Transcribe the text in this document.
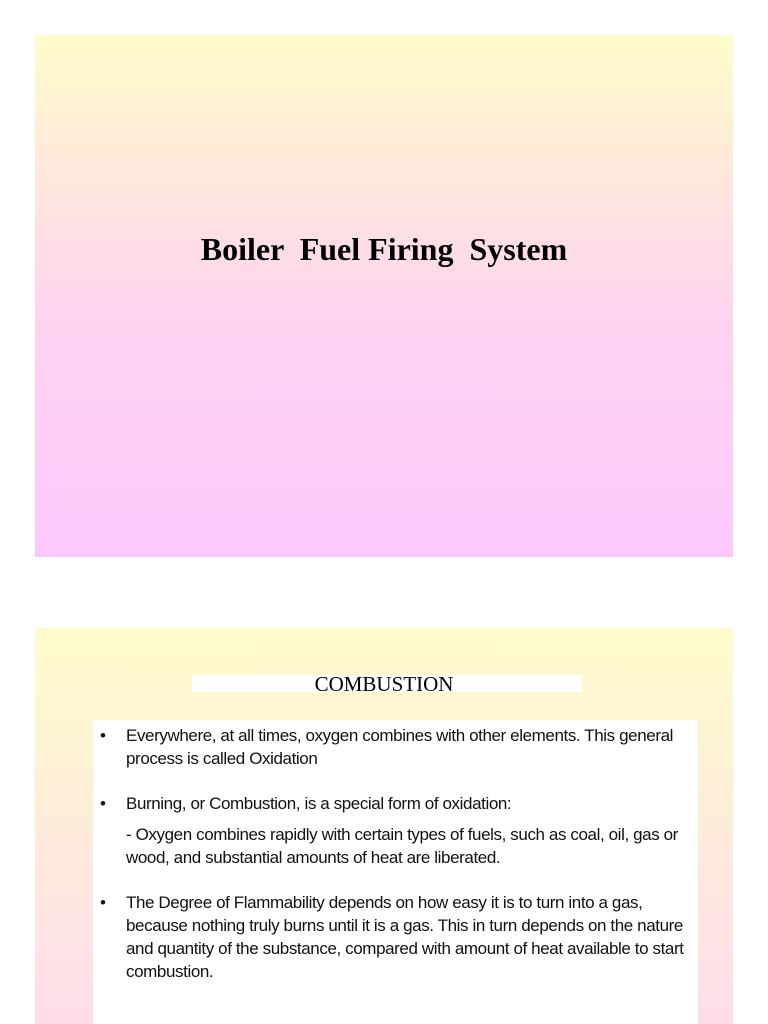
Boiler  Fuel Firing  System
COMBUSTION
• Everywhere, at all times, oxygen combines with other elements. This general process is called Oxidation
• Burning, or Combustion, is a special form of oxidation:
- Oxygen combines rapidly with certain types of fuels, such as coal, oil, gas or wood, and substantial amounts of heat are liberated.
• The Degree of Flammability depends on how easy it is to turn into a gas, because nothing truly burns until it is a gas. This in turn depends on the nature and quantity of the substance, compared with amount of heat available to start combustion.
